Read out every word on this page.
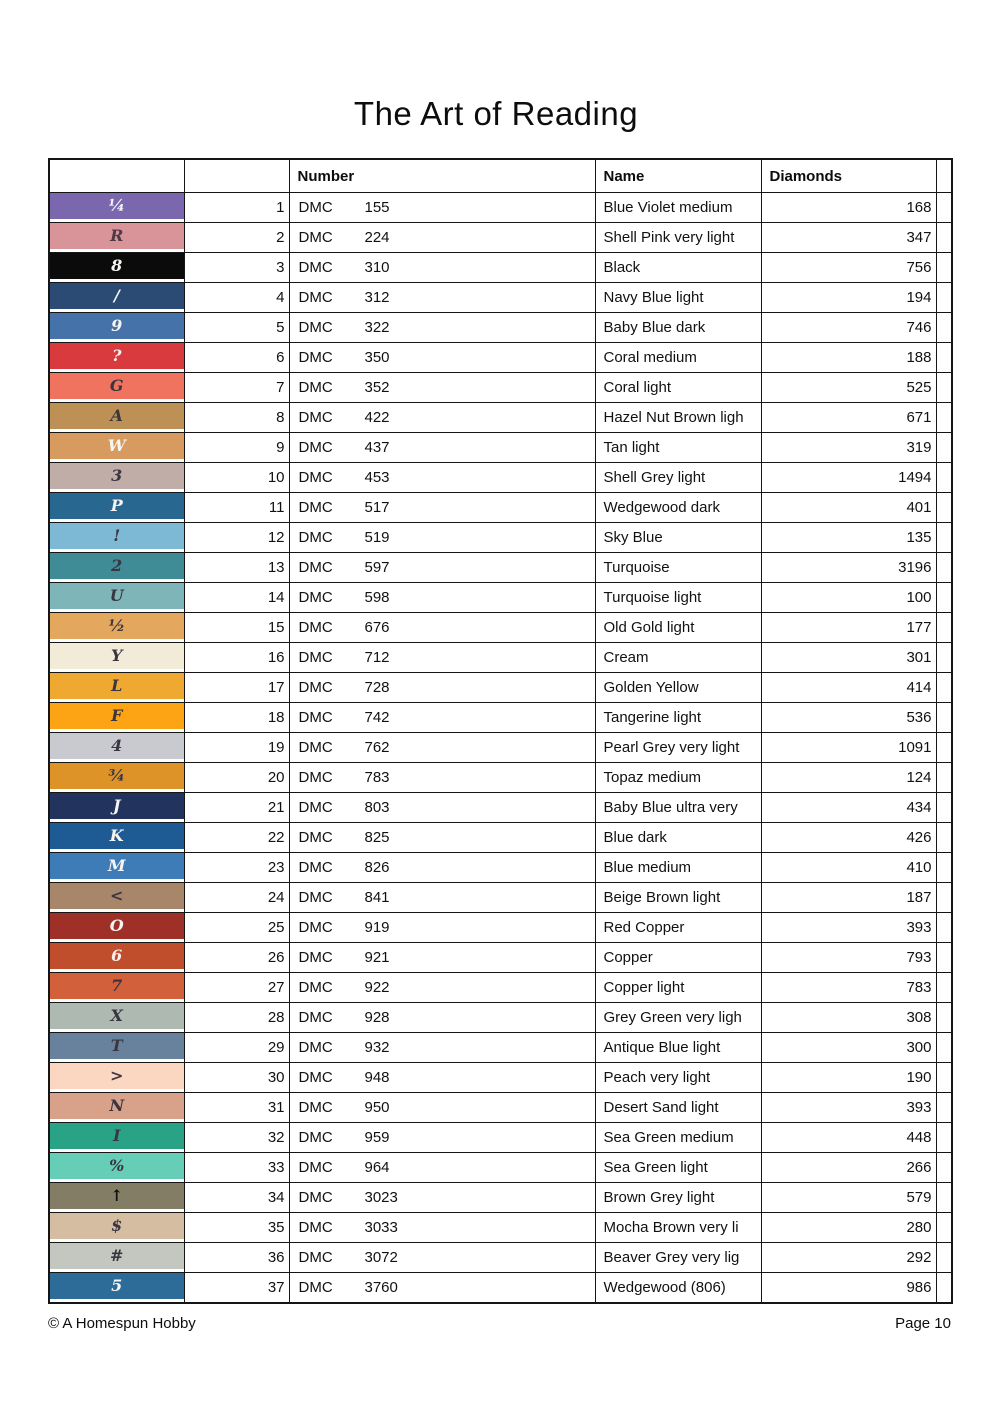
The Art of Reading
		Number	Name	Diamonds	

¼	1	DMC 155	Blue Violet medium	168	

R	2	DMC 224	Shell Pink very light	347	

8	3	DMC 310	Black	756	

/	4	DMC 312	Navy Blue light	194	

9	5	DMC 322	Baby Blue dark	746	

?	6	DMC 350	Coral medium	188	

G	7	DMC 352	Coral light	525	

A	8	DMC 422	Hazel Nut Brown ligh	671	

W	9	DMC 437	Tan light	319	

3	10	DMC 453	Shell Grey light	1494	

P	11	DMC 517	Wedgewood dark	401	

!	12	DMC 519	Sky Blue	135	

2	13	DMC 597	Turquoise	3196	

U	14	DMC 598	Turquoise light	100	

½	15	DMC 676	Old Gold light	177	

Y	16	DMC 712	Cream	301	

L	17	DMC 728	Golden Yellow	414	

F	18	DMC 742	Tangerine light	536	

4	19	DMC 762	Pearl Grey very light	1091	

¾	20	DMC 783	Topaz medium	124	

J	21	DMC 803	Baby Blue ultra very	434	

K	22	DMC 825	Blue dark	426	

M	23	DMC 826	Blue medium	410	

<	24	DMC 841	Beige Brown light	187	

O	25	DMC 919	Red Copper	393	

6	26	DMC 921	Copper	793	

7	27	DMC 922	Copper light	783	

X	28	DMC 928	Grey Green very ligh	308	

T	29	DMC 932	Antique Blue light	300	

>	30	DMC 948	Peach very light	190	

N	31	DMC 950	Desert Sand light	393	

I	32	DMC 959	Sea Green medium	448	

%	33	DMC 964	Sea Green light	266	

↑	34	DMC 3023	Brown Grey light	579	

$	35	DMC 3033	Mocha Brown very li	280	

#	36	DMC 3072	Beaver Grey very lig	292	

5	37	DMC 3760	Wedgewood (806)	986	
© A Homespun Hobby	Page 10
